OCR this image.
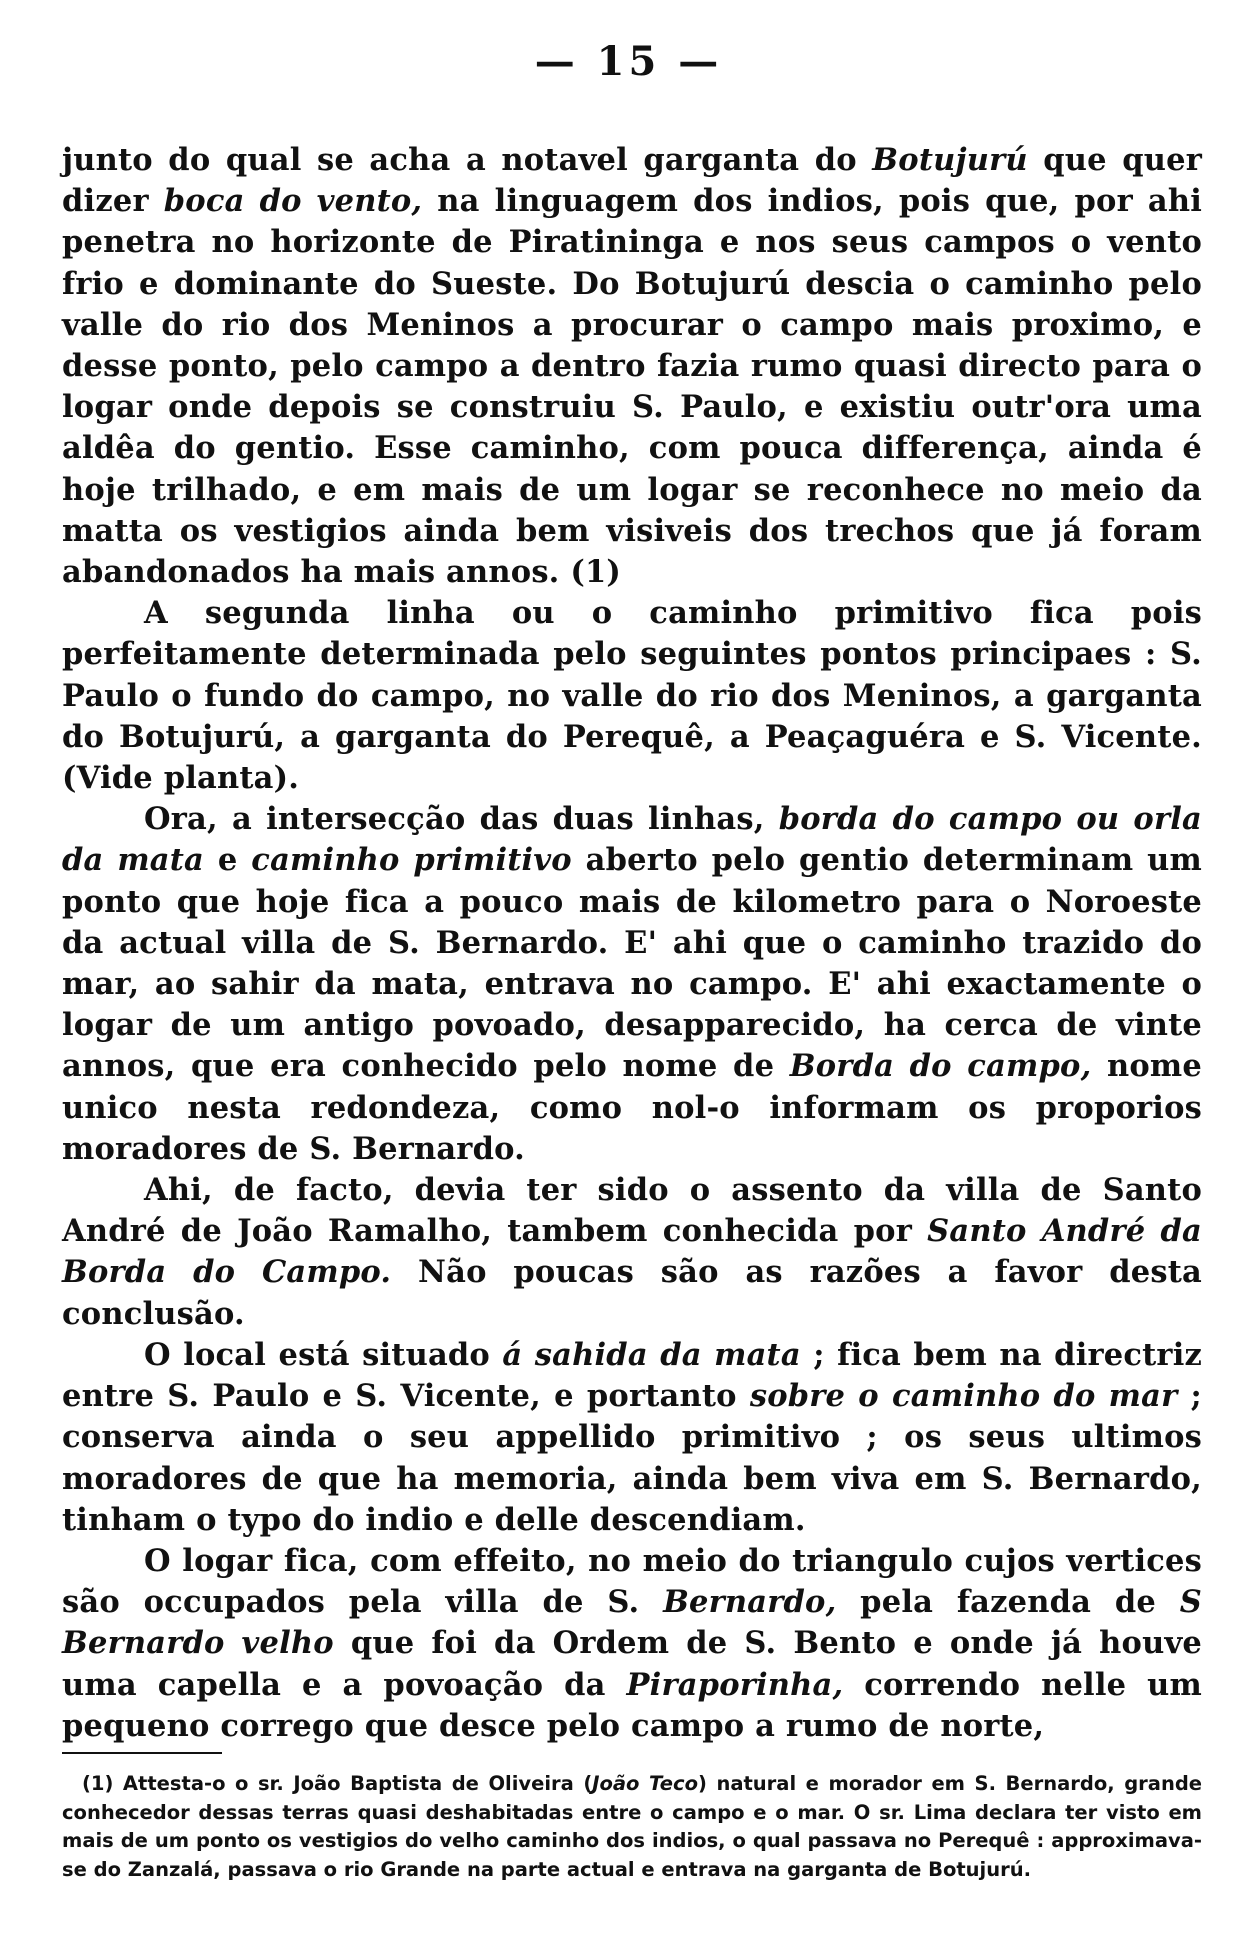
— 15 —

junto do qual se acha a notavel garganta do Botujurú que quer dizer boca do vento, na linguagem dos indios, pois que, por ahi penetra no horizonte de Piratininga e nos seus campos o vento frio e dominante do Sueste. Do Botujurú descia o caminho pelo valle do rio dos Meninos a procurar o campo mais proximo, e desse ponto, pelo campo a dentro fazia rumo quasi directo para o logar onde depois se construiu S. Paulo, e existiu outr'ora uma aldêa do gentio. Esse caminho, com pouca differença, ainda é hoje trilhado, e em mais de um logar se reconhece no meio da matta os vestigios ainda bem visiveis dos trechos que já foram abandonados ha mais annos. (1)

A segunda linha ou o caminho primitivo fica pois perfeitamente determinada pelo seguintes pontos principaes : S. Paulo o fundo do campo, no valle do rio dos Meninos, a garganta do Botujurú, a garganta do Perequê, a Peaçaguéra e S. Vicente. (Vide planta).

Ora, a intersecção das duas linhas, borda do campo ou orla da mata e caminho primitivo aberto pelo gentio determinam um ponto que hoje fica a pouco mais de kilometro para o Noroeste da actual villa de S. Bernardo. E' ahi que o caminho trazido do mar, ao sahir da mata, entrava no campo. E' ahi exactamente o logar de um antigo povoado, desapparecido, ha cerca de vinte annos, que era conhecido pelo nome de Borda do campo, nome unico nesta redondeza, como nol-o informam os proporios moradores de S. Bernardo.

Ahi, de facto, devia ter sido o assento da villa de Santo André de João Ramalho, tambem conhecida por Santo André da Borda do Campo. Não poucas são as razões a favor desta conclusão.

O local está situado á sahida da mata ; fica bem na directriz entre S. Paulo e S. Vicente, e portanto sobre o caminho do mar ; conserva ainda o seu appellido primitivo ; os seus ultimos moradores de que ha memoria, ainda bem viva em S. Bernardo, tinham o typo do indio e delle descendiam.

O logar fica, com effeito, no meio do triangulo cujos vertices são occupados pela villa de S. Bernardo, pela fazenda de S Bernardo velho que foi da Ordem de S. Bento e onde já houve uma capella e a povoação da Piraporinha, correndo nelle um pequeno corrego que desce pelo campo a rumo de norte,

(1) Attesta-o o sr. João Baptista de Oliveira (João Teco) natural e morador em S. Bernardo, grande conhecedor dessas terras quasi deshabitadas entre o campo e o mar. O sr. Lima declara ter visto em mais de um ponto os vestigios do velho caminho dos indios, o qual passava no Perequê : approximava-se do Zanzalá, passava o rio Grande na parte actual e entrava na garganta de Botujurú.
